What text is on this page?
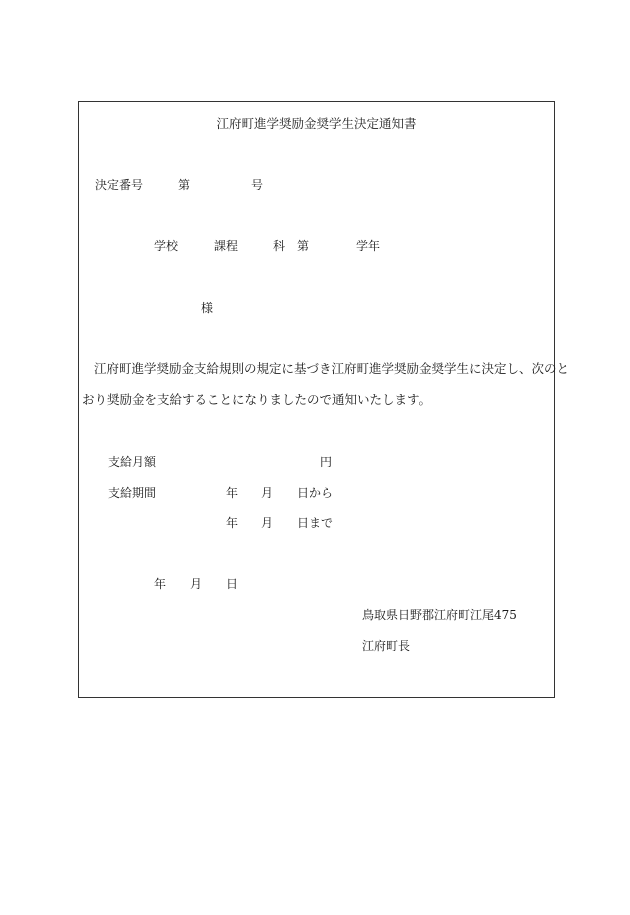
江府町進学奨励金奨学生決定通知書
決定番号	第	号
学校	課程	科 第	学年
様
江府町進学奨励金支給規則の規定に基づき江府町進学奨励金奨学生に決定し、次のと
おり奨励金を支給することになりましたので通知いたします。
支給月額	円
支給期間	年 月 日から
年 月 日まで
年 月 日
鳥取県日野郡江府町江尾475
江府町長
